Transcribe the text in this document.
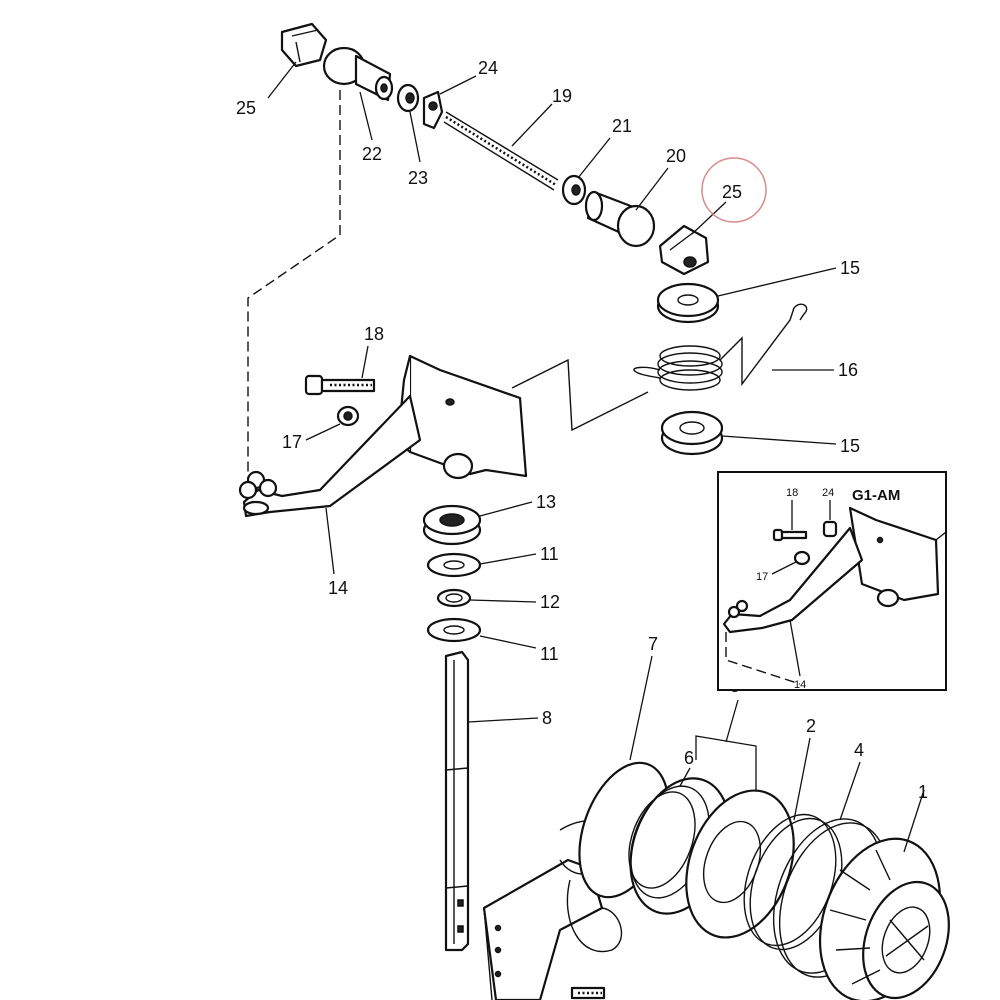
25
22
23
24
19
21
20
25
15
16
15
18
17
14
13
11
12
11
8
7
6
2
4
1
G1-AM
18 24
17
14
